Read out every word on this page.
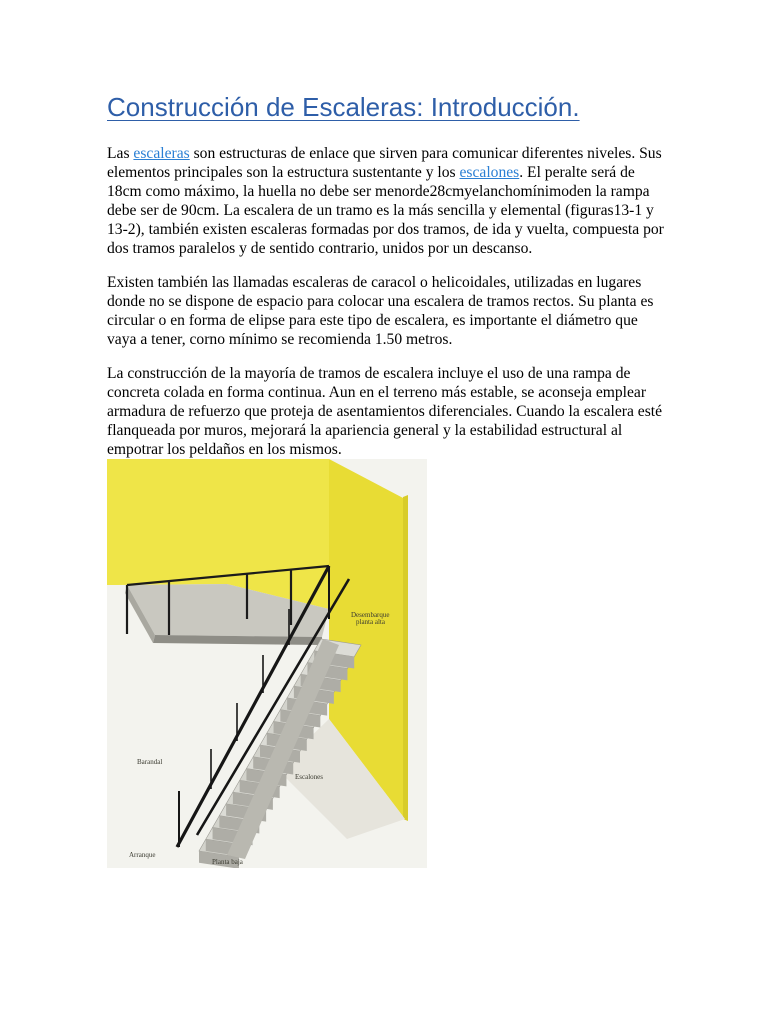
Construcción de Escaleras: Introducción.

Las escaleras son estructuras de enlace que sirven para comunicar diferentes niveles. Sus elementos principales son la estructura sustentante y los escalones. El peralte será de 18cm como máximo, la huella no debe ser menorde28cmyelanchomínimoden la rampa debe ser de 90cm. La escalera de un tramo es la más sencilla y elemental (figuras13-1 y 13-2), también existen escaleras formadas por dos tramos, de ida y vuelta, compuesta por dos tramos paralelos y de sentido contrario, unidos por un descanso.

Existen también las llamadas escaleras de caracol o helicoidales, utilizadas en lugares donde no se dispone de espacio para colocar una escalera de tramos rectos. Su planta es circular o en forma de elipse para este tipo de escalera, es importante el diámetro que vaya a tener, corno mínimo se recomienda 1.50 metros.

La construcción de la mayoría de tramos de escalera incluye el uso de una rampa de concreta colada en forma continua. Aun en el terreno más estable, se aconseja emplear armadura de refuerzo que proteja de asentamientos diferenciales. Cuando la escalera esté flanqueada por muros, mejorará la apariencia general y la estabilidad estructural al empotrar los peldaños en los mismos.

Desembarque
planta alta
Barandal
Escalones
Arranque
Planta baja
